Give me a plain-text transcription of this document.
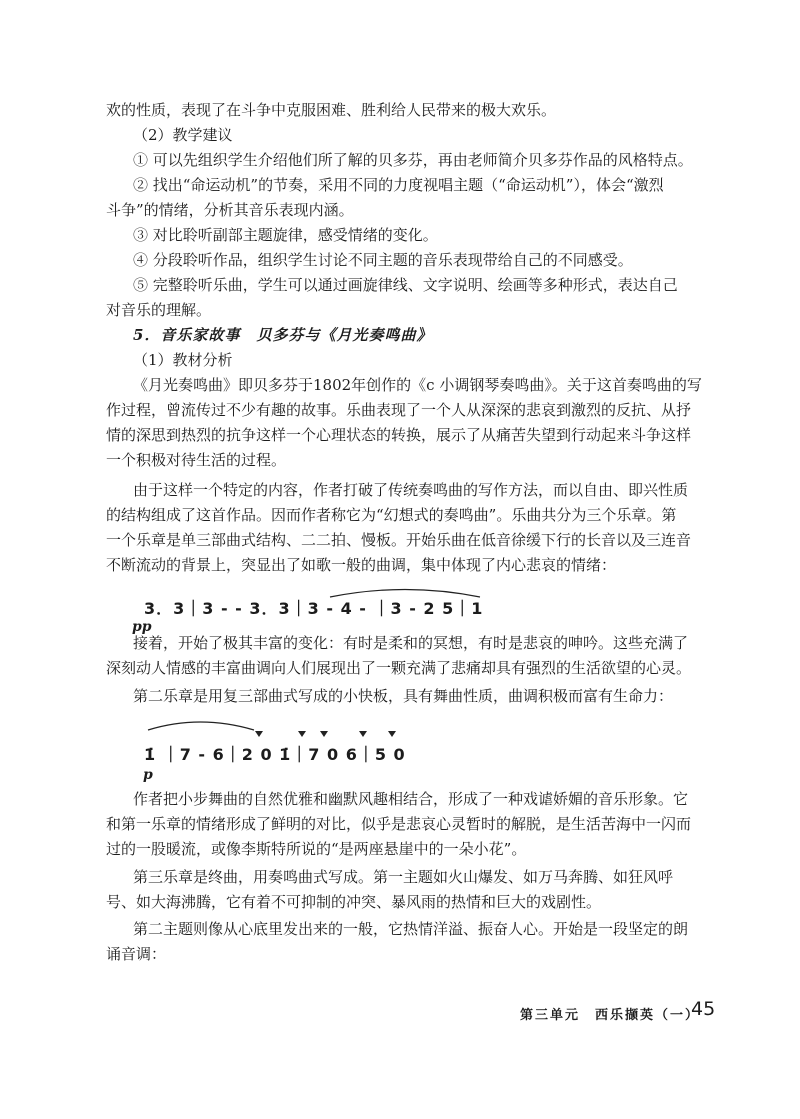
欢的性质，表现了在斗争中克服困难、胜利给人民带来的极大欢乐。
（2）教学建议
① 可以先组织学生介绍他们所了解的贝多芬，再由老师简介贝多芬作品的风格特点。
② 找出“命运动机”的节奏，采用不同的力度视唱主题（“命运动机”），体会“激烈
斗争”的情绪，分析其音乐表现内涵。
③ 对比聆听副部主题旋律，感受情绪的变化。
④ 分段聆听作品，组织学生讨论不同主题的音乐表现带给自己的不同感受。
⑤ 完整聆听乐曲，学生可以通过画旋律线、文字说明、绘画等多种形式，表达自己
对音乐的理解。
5．音乐家故事　贝多芬与《月光奏鸣曲》
（1）教材分析
《月光奏鸣曲》即贝多芬于1802年创作的《c 小调钢琴奏鸣曲》。关于这首奏鸣曲的写
作过程，曾流传过不少有趣的故事。乐曲表现了一个人从深深的悲哀到激烈的反抗、从抒
情的深思到热烈的抗争这样一个心理状态的转换，展示了从痛苦失望到行动起来斗争这样
一个积极对待生活的过程。
由于这样一个特定的内容，作者打破了传统奏鸣曲的写作方法，而以自由、即兴性质
的结构组成了这首作品。因而作者称它为“幻想式的奏鸣曲”。乐曲共分为三个乐章。第
一个乐章是单三部曲式结构、二二拍、慢板。开始乐曲在低音徐缓下行的长音以及三连音
不断流动的背景上，突显出了如歌一般的曲调，集中体现了内心悲哀的情绪：
3．3｜3 - - 3．3｜3 - 4 - ｜3 - 2 5｜1
pp
接着，开始了极其丰富的变化：有时是柔和的冥想，有时是悲哀的呻吟。这些充满了
深刻动人情感的丰富曲调向人们展现出了一颗充满了悲痛却具有强烈的生活欲望的心灵。
第二乐章是用复三部曲式写成的小快板，具有舞曲性质，曲调积极而富有生命力：
1̇ ｜7 - 6｜2 0 1̇｜7 0 6｜5 0
p
作者把小步舞曲的自然优雅和幽默风趣相结合，形成了一种戏谑娇媚的音乐形象。它
和第一乐章的情绪形成了鲜明的对比，似乎是悲哀心灵暂时的解脱，是生活苦海中一闪而
过的一股暖流，或像李斯特所说的“是两座悬崖中的一朵小花”。
第三乐章是终曲，用奏鸣曲式写成。第一主题如火山爆发、如万马奔腾、如狂风呼
号、如大海沸腾，它有着不可抑制的冲突、暴风雨的热情和巨大的戏剧性。
第二主题则像从心底里发出来的一般，它热情洋溢、振奋人心。开始是一段坚定的朗
诵音调：
第三单元　西乐撷英（一）
45
